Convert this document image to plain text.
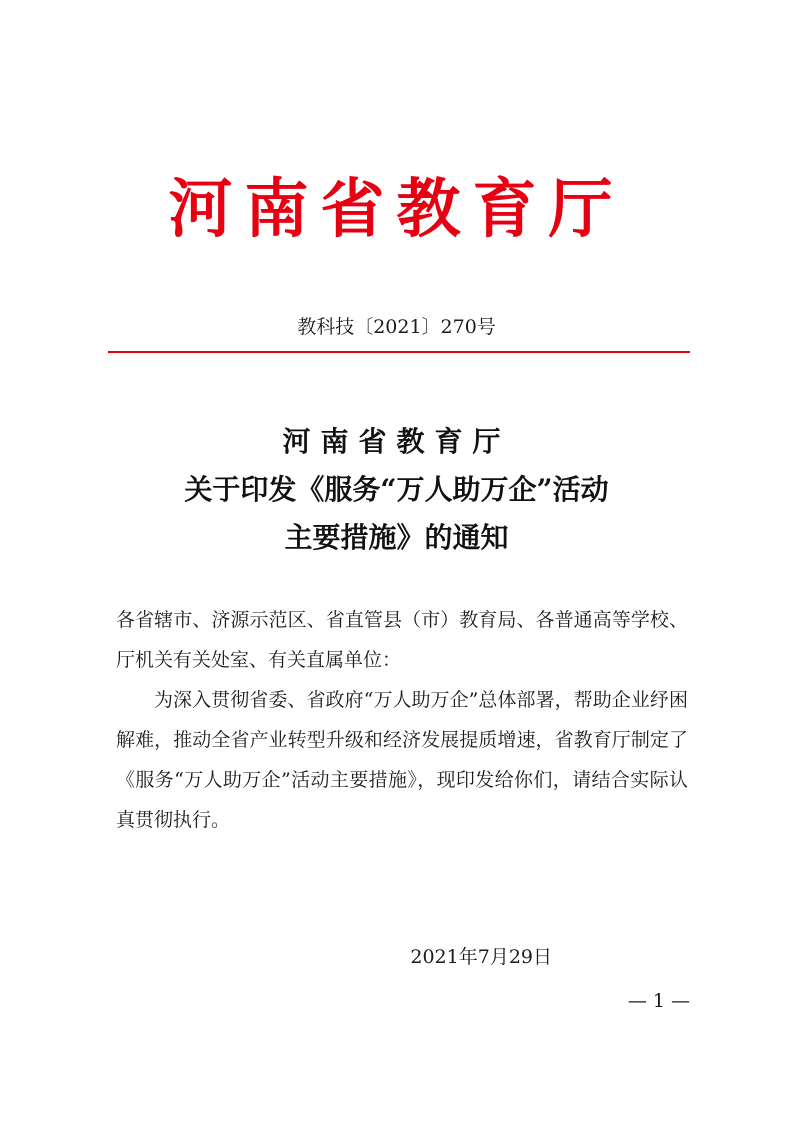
河南省教育厅
教科技〔2021〕270号
河南省教育厅
关于印发《服务“万人助万企”活动
主要措施》的通知

各省辖市、济源示范区、省直管县（市）教育局、各普通高等学校、厅机关有关处室、有关直属单位：

为深入贯彻省委、省政府“万人助万企”总体部署，帮助企业纾困解难，推动全省产业转型升级和经济发展提质增速，省教育厅制定了《服务“万人助万企”活动主要措施》，现印发给你们，请结合实际认真贯彻执行。

2021年7月29日
— 1 —
